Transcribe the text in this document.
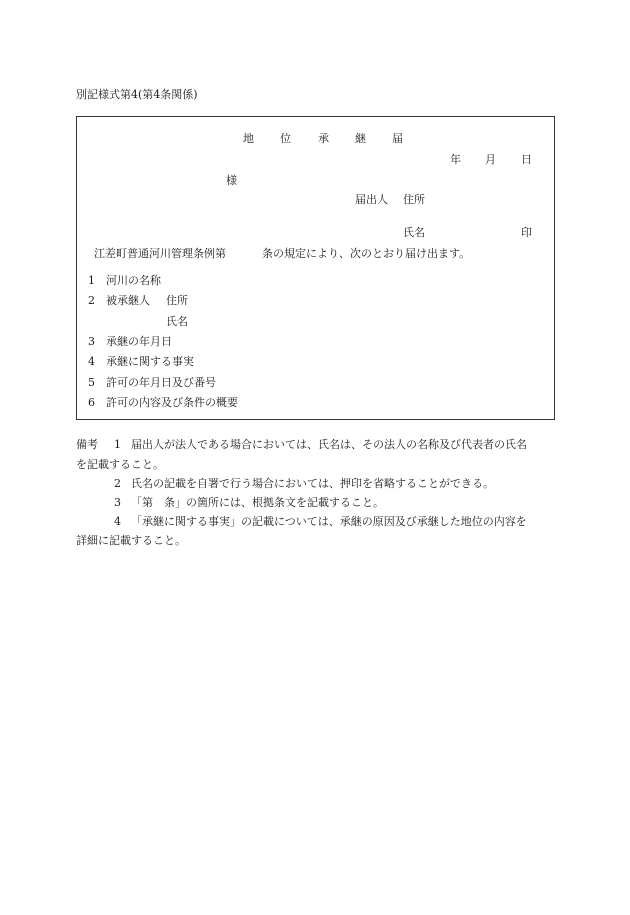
別記様式第4(第4条関係)
地 位 承 継 届
年 月 日
様
届出人 住所
氏名	印
江差町普通河川管理条例第	条の規定により、次のとおり届け出ます。
1 河川の名称
2 被承継人 住所
氏名
3 承継の年月日
4 承継に関する事実
5 許可の年月日及び番号
6 許可の内容及び条件の概要
備考 1 届出人が法人である場合においては、氏名は、その法人の名称及び代表者の氏名
を記載すること。
2 氏名の記載を自署で行う場合においては、押印を省略することができる。
3 「第　条」の箇所には、根拠条文を記載すること。
4 「承継に関する事実」の記載については、承継の原因及び承継した地位の内容を
詳細に記載すること。
